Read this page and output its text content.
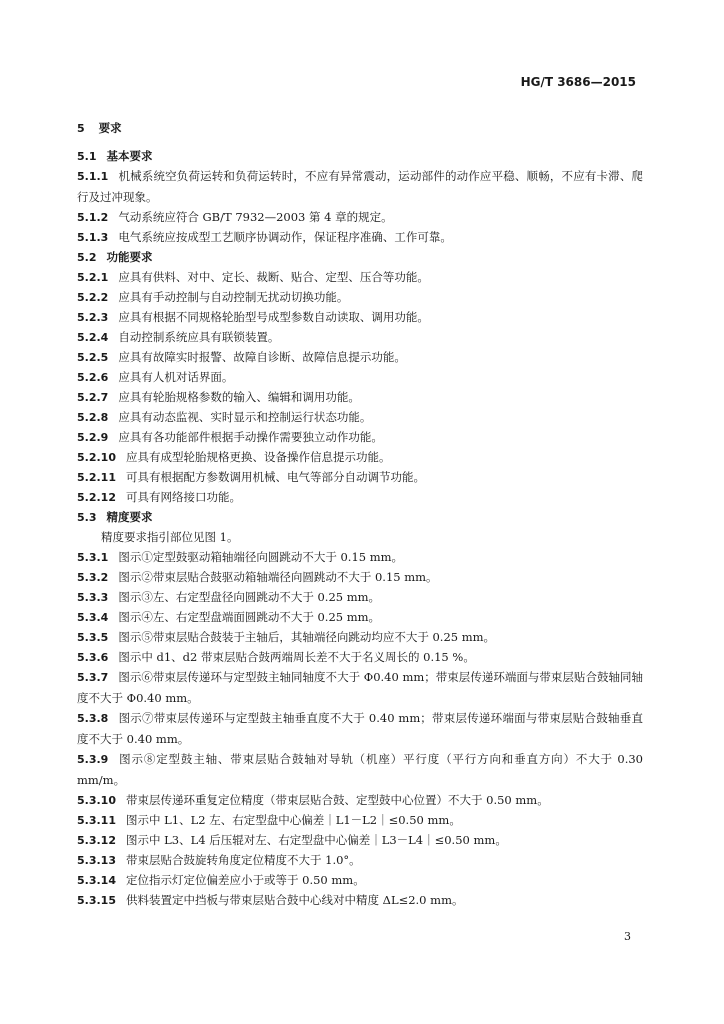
HG/T 3686—2015
5 要求
5.1 基本要求
5.1.1 机械系统空负荷运转和负荷运转时，不应有异常震动，运动部件的动作应平稳、顺畅，不应有卡滞、爬行及过冲现象。
5.1.2 气动系统应符合 GB/T 7932—2003 第 4 章的规定。
5.1.3 电气系统应按成型工艺顺序协调动作，保证程序准确、工作可靠。
5.2 功能要求
5.2.1 应具有供料、对中、定长、裁断、贴合、定型、压合等功能。
5.2.2 应具有手动控制与自动控制无扰动切换功能。
5.2.3 应具有根据不同规格轮胎型号成型参数自动读取、调用功能。
5.2.4 自动控制系统应具有联锁装置。
5.2.5 应具有故障实时报警、故障自诊断、故障信息提示功能。
5.2.6 应具有人机对话界面。
5.2.7 应具有轮胎规格参数的输入、编辑和调用功能。
5.2.8 应具有动态监视、实时显示和控制运行状态功能。
5.2.9 应具有各功能部件根据手动操作需要独立动作功能。
5.2.10 应具有成型轮胎规格更换、设备操作信息提示功能。
5.2.11 可具有根据配方参数调用机械、电气等部分自动调节功能。
5.2.12 可具有网络接口功能。
5.3 精度要求
精度要求指引部位见图 1。
5.3.1 图示①定型鼓驱动箱轴端径向圆跳动不大于 0.15 mm。
5.3.2 图示②带束层贴合鼓驱动箱轴端径向圆跳动不大于 0.15 mm。
5.3.3 图示③左、右定型盘径向圆跳动不大于 0.25 mm。
5.3.4 图示④左、右定型盘端面圆跳动不大于 0.25 mm。
5.3.5 图示⑤带束层贴合鼓装于主轴后，其轴端径向跳动均应不大于 0.25 mm。
5.3.6 图示中 d1、d2 带束层贴合鼓两端周长差不大于名义周长的 0.15 %。
5.3.7 图示⑥带束层传递环与定型鼓主轴同轴度不大于 Φ0.40 mm；带束层传递环端面与带束层贴合鼓轴同轴度不大于 Φ0.40 mm。
5.3.8 图示⑦带束层传递环与定型鼓主轴垂直度不大于 0.40 mm；带束层传递环端面与带束层贴合鼓轴垂直度不大于 0.40 mm。
5.3.9 图示⑧定型鼓主轴、带束层贴合鼓轴对导轨（机座）平行度（平行方向和垂直方向）不大于 0.30 mm/m。
5.3.10 带束层传递环重复定位精度（带束层贴合鼓、定型鼓中心位置）不大于 0.50 mm。
5.3.11 图示中 L1、L2 左、右定型盘中心偏差｜L1－L2｜≤0.50 mm。
5.3.12 图示中 L3、L4 后压辊对左、右定型盘中心偏差｜L3－L4｜≤0.50 mm。
5.3.13 带束层贴合鼓旋转角度定位精度不大于 1.0°。
5.3.14 定位指示灯定位偏差应小于或等于 0.50 mm。
5.3.15 供料装置定中挡板与带束层贴合鼓中心线对中精度 ΔL≤2.0 mm。
3
